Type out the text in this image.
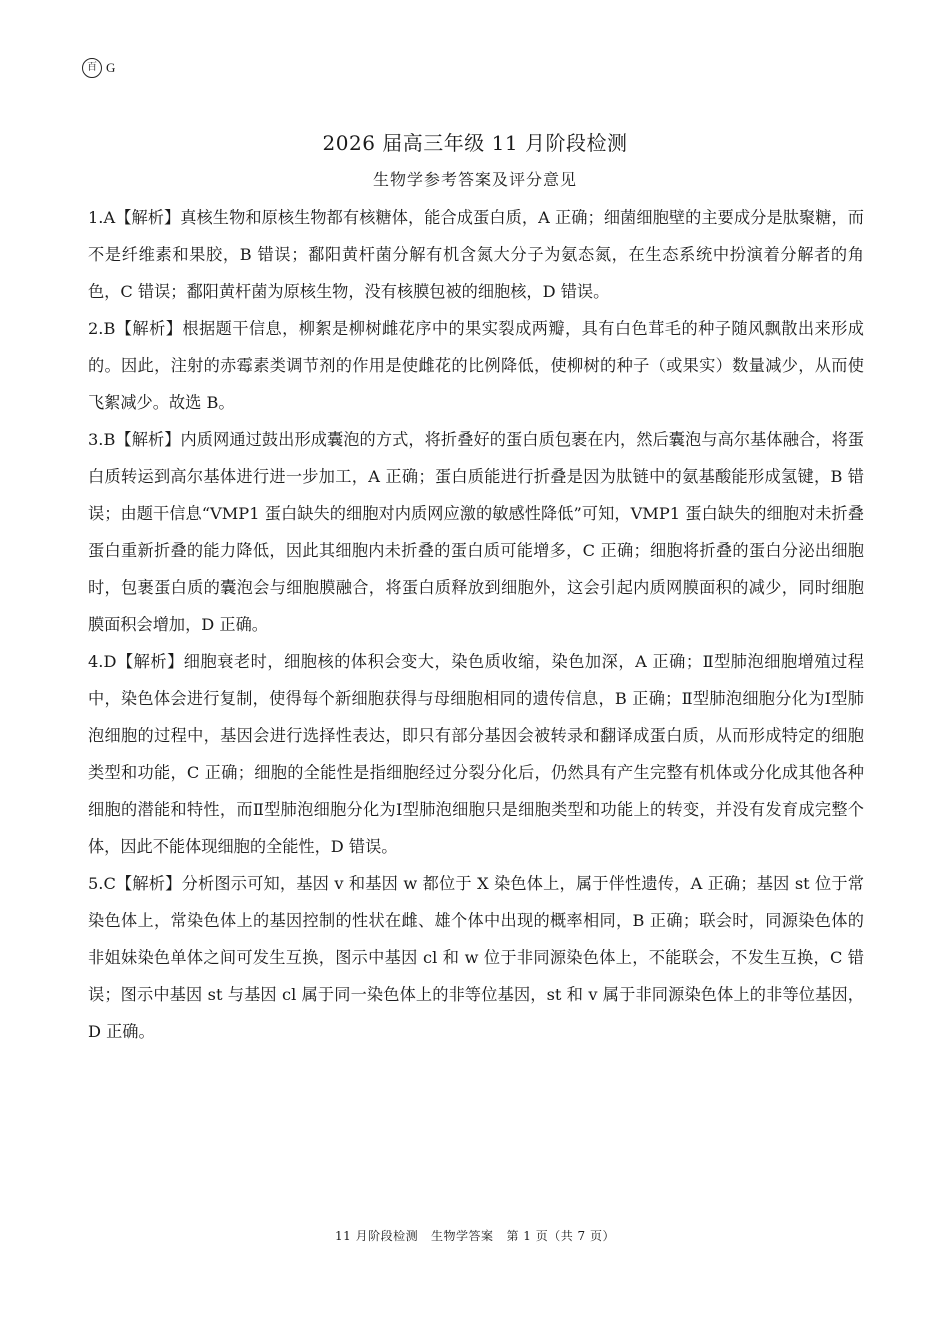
百 G
2026 届高三年级 11 月阶段检测
生物学参考答案及评分意见

1.A【解析】真核生物和原核生物都有核糖体，能合成蛋白质，A 正确；细菌细胞壁的主要成分是肽聚糖，而不是纤维素和果胶，B 错误；鄱阳黄杆菌分解有机含氮大分子为氨态氮，在生态系统中扮演着分解者的角色，C 错误；鄱阳黄杆菌为原核生物，没有核膜包被的细胞核，D 错误。

2.B【解析】根据题干信息，柳絮是柳树雌花序中的果实裂成两瓣，具有白色茸毛的种子随风飘散出来形成的。因此，注射的赤霉素类调节剂的作用是使雌花的比例降低，使柳树的种子（或果实）数量减少，从而使飞絮减少。故选 B。

3.B【解析】内质网通过鼓出形成囊泡的方式，将折叠好的蛋白质包裹在内，然后囊泡与高尔基体融合，将蛋白质转运到高尔基体进行进一步加工，A 正确；蛋白质能进行折叠是因为肽链中的氨基酸能形成氢键，B 错误；由题干信息“VMP1 蛋白缺失的细胞对内质网应激的敏感性降低”可知，VMP1 蛋白缺失的细胞对未折叠蛋白重新折叠的能力降低，因此其细胞内未折叠的蛋白质可能增多，C 正确；细胞将折叠的蛋白分泌出细胞时，包裹蛋白质的囊泡会与细胞膜融合，将蛋白质释放到细胞外，这会引起内质网膜面积的减少，同时细胞膜面积会增加，D 正确。

4.D【解析】细胞衰老时，细胞核的体积会变大，染色质收缩，染色加深，A 正确；Ⅱ型肺泡细胞增殖过程中，染色体会进行复制，使得每个新细胞获得与母细胞相同的遗传信息，B 正确；Ⅱ型肺泡细胞分化为Ⅰ型肺泡细胞的过程中，基因会进行选择性表达，即只有部分基因会被转录和翻译成蛋白质，从而形成特定的细胞类型和功能，C 正确；细胞的全能性是指细胞经过分裂分化后，仍然具有产生完整有机体或分化成其他各种细胞的潜能和特性，而Ⅱ型肺泡细胞分化为Ⅰ型肺泡细胞只是细胞类型和功能上的转变，并没有发育成完整个体，因此不能体现细胞的全能性，D 错误。

5.C【解析】分析图示可知，基因 v 和基因 w 都位于 X 染色体上，属于伴性遗传，A 正确；基因 st 位于常染色体上，常染色体上的基因控制的性状在雌、雄个体中出现的概率相同，B 正确；联会时，同源染色体的非姐妹染色单体之间可发生互换，图示中基因 cl 和 w 位于非同源染色体上，不能联会，不发生互换，C 错误；图示中基因 st 与基因 cl 属于同一染色体上的非等位基因，st 和 v 属于非同源染色体上的非等位基因，D 正确。

11 月阶段检测   生物学答案   第 1 页（共 7 页）
